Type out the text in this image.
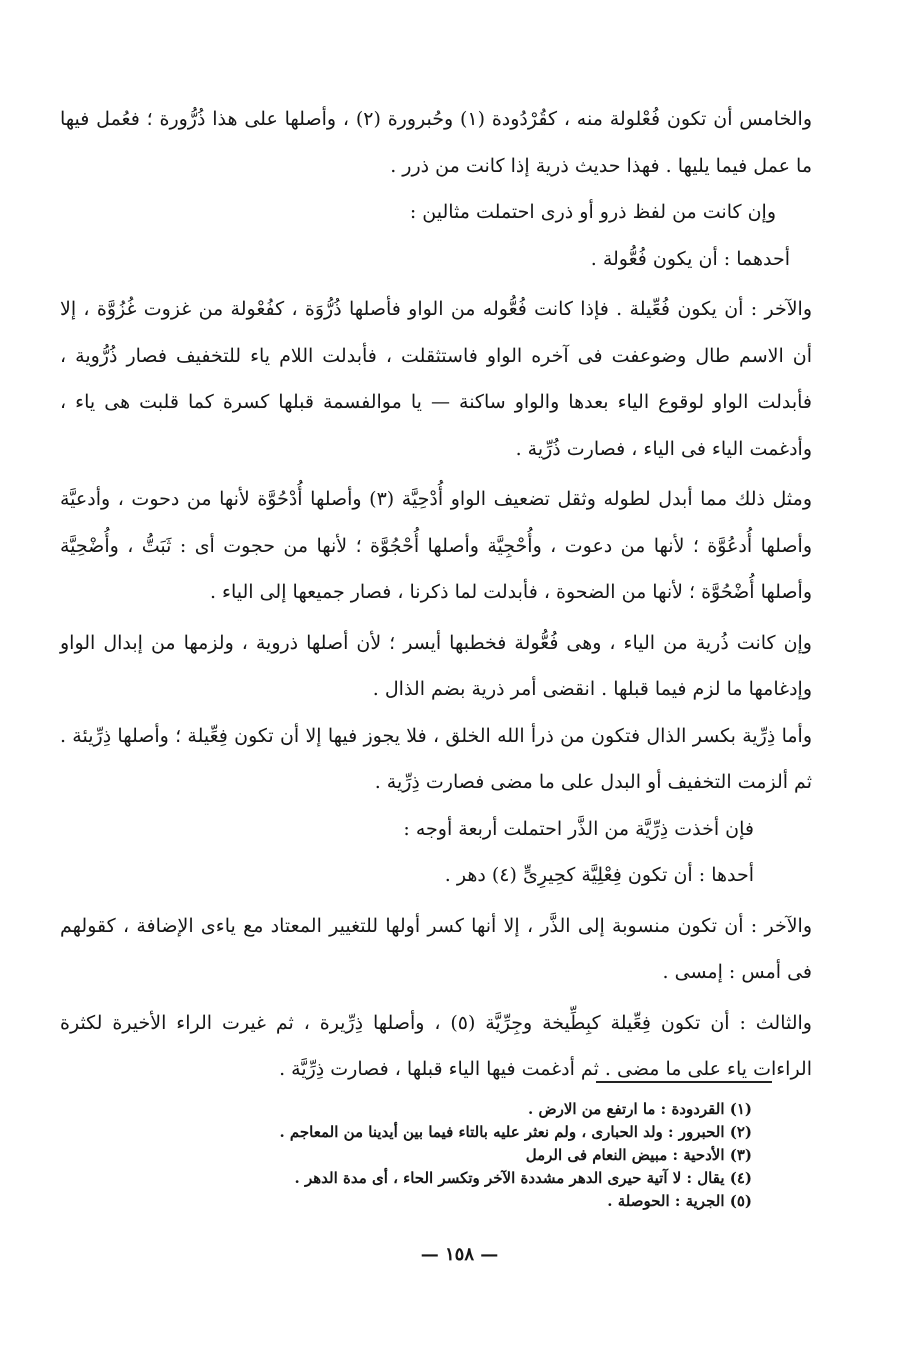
والخامس أن تكون فُعْلولة منه ، كقُرْدُودة (١) وحُبرورة (٢) ، وأصلها على هذا ذُرُّورة ؛ فعُمل فيها ما عمل فيما يليها . فهذا حديث ذرية إذا كانت من ذرر .

وإن كانت من لفظ ذرو أو ذرى احتملت مثالين :

أحدهما : أن يكون فُعُّولة .

والآخر : أن يكون فُعِّيلة . فإذا كانت فُعُّوله من الواو فأصلها ذُرُّوَة ، كفُعْولة من غزوت غُزُوَّة ، إلا أن الاسم طال وضوعفت فى آخره الواو فاستثقلت ، فأبدلت اللام ياء للتخفيف فصار ذُرُّوية ، فأبدلت الواو لوقوع الياء بعدها والواو ساكنة — يا موالفسمة قبلها كسرة كما قلبت هى ياء ، وأدغمت الياء فى الياء ، فصارت ذُرِّية .

ومثل ذلك مما أبدل لطوله وثقل تضعيف الواو أُدْحِيَّة (٣) وأصلها أُدْحُوَّة لأنها من دحوت ، وأدعيَّة وأصلها أُدعُوَّة ؛ لأنها من دعوت ، وأُحْجِيَّة وأصلها أُحْجُوَّة ؛ لأنها من حجوت أى : ثَبَتُّ ، وأُضْحِيَّة وأصلها أُضْحُوَّة ؛ لأنها من الضحوة ، فأبدلت لما ذكرنا ، فصار جميعها إلى الياء .

وإن كانت ذُرية من الياء ، وهى فُعُّولة فخطبها أيسر ؛ لأن أصلها ذروية ، ولزمها من إبدال الواو وإدغامها ما لزم فيما قبلها . انقضى أمر ذرية بضم الذال .

وأما ذِرِّية بكسر الذال فتكون من ذرأ الله الخلق ، فلا يجوز فيها إلا أن تكون فِعِّيلة ؛ وأصلها ذِرِّيئة . ثم ألزمت التخفيف أو البدل على ما مضى فصارت ذِرِّية .

فإن أخذت ذِرِّيَّة من الذَّر احتملت أربعة أوجه :

أحدها : أن تكون فِعْلِيَّة كحِيرِىٍّ (٤) دهر .

والآخر : أن تكون منسوبة إلى الذَّر ، إلا أنها كسر أولها للتغيير المعتاد مع ياءى الإضافة ، كقولهم فى أمس : إمسى .

والثالث : أن تكون فِعِّيلة كبِطِّيخة وجِرِّيَّة (٥) ، وأصلها ذِرِّيرة ، ثم غيرت الراء الأخيرة لكثرة الراءات ياء على ما مضى . ثم أدغمت فيها الياء قبلها ، فصارت ذِرِّيَّة .

(١) القردودة : ما ارتفع من الارض .
(٢) الحبرور : ولد الحبارى ، ولم نعثر عليه بالتاء فيما بين أيدينا من المعاجم .
(٣) الأدحية : مبيض النعام فى الرمل
(٤) يقال : لا آتية حيرى الدهر مشددة الآخر وتكسر الحاء ، أى مدة الدهر .
(٥) الجرية : الحوصلة .
— ١٥٨ —
